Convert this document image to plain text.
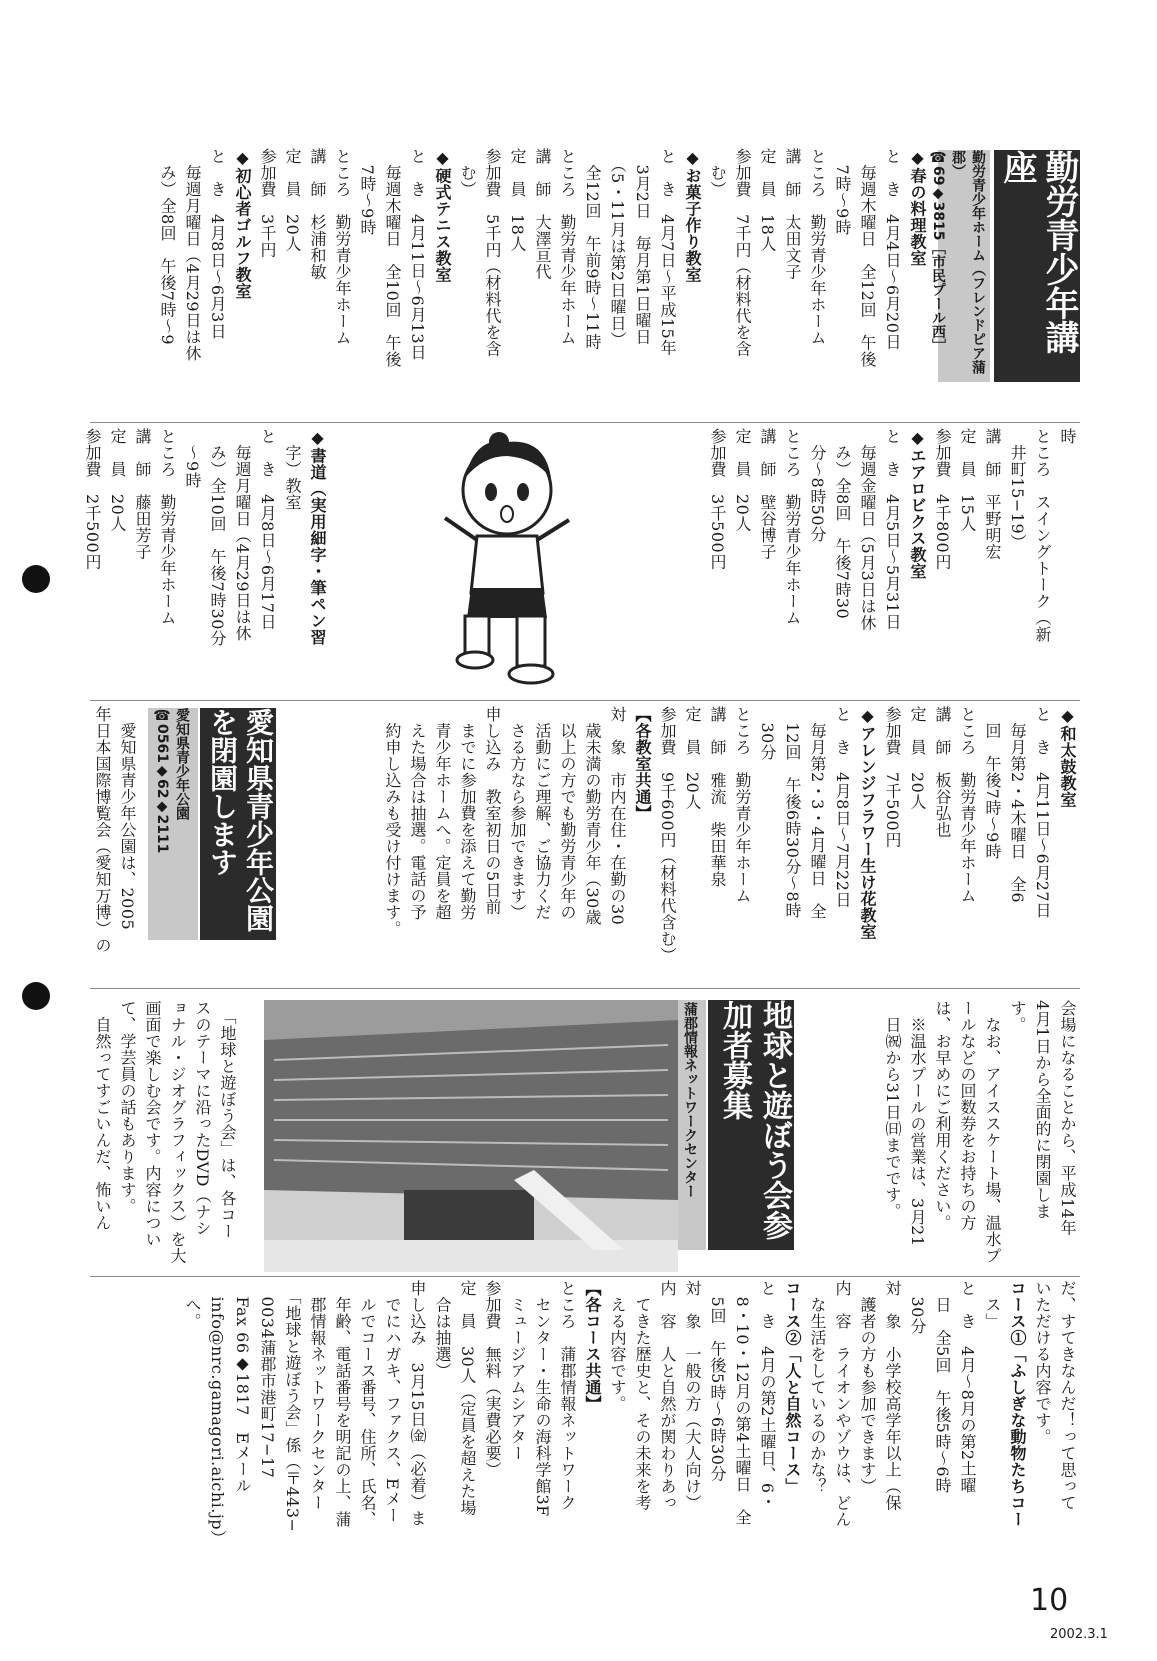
勤労青少年講座
勤労青少年ホーム（フレンドピア蒲郡）
☎69◆3815［市民プール西］
◆春の料理教室
と　き　4月4日〜6月20日
　毎週木曜日　全12回　午後
　7時〜9時
ところ　勤労青少年ホーム
講　師　太田文子
定　員　18人
参加費　7千円（材料代を含
　む）
◆お菓子作り教室
と　き　4月7日〜平成15年
　3月2日　毎月第1日曜日
　（5・11月は第2日曜日）
　全12回　午前9時〜11時
ところ　勤労青少年ホーム
講　師　大澤亘代
定　員　18人
参加費　5千円（材料代を含
　む）
◆硬式テニス教室
と　き　4月11日〜6月13日
　毎週木曜日　全10回　午後
　7時〜9時
ところ　勤労青少年ホーム
講　師　杉浦和敏
定　員　20人
参加費　3千円
◆初心者ゴルフ教室
と　き　4月8日〜6月3日
　毎週月曜日（4月29日は休
　み）全8回　午後7時〜9
時
ところ　スイングトーク（新
　井町15−19）
講　師　平野明宏
定　員　15人
参加費　4千800円
◆エアロビクス教室
と　き　4月5日〜5月31日
　毎週金曜日（5月3日は休
　み）全8回　午後7時30
　分〜8時50分
ところ　勤労青少年ホーム
講　師　壁谷博子
定　員　20人
参加費　3千500円
◆書道（実用細字・筆ペン習
　字）教室
と　き　4月8日〜6月17日
　毎週月曜日（4月29日は休
　み）全10回　午後7時30分
　〜9時
ところ　勤労青少年ホーム
講　師　藤田芳子
定　員　20人
参加費　2千500円
◆和太鼓教室
と　き　4月11日〜6月27日
　毎月第2・4木曜日　全6
　回　午後7時〜9時
ところ　勤労青少年ホーム
講　師　板谷弘也
定　員　20人
参加費　7千500円
◆アレンジフラワー生け花教室
と　き　4月8日〜7月22日
　毎月第2・3・4月曜日　全
　12回　午後6時30分〜8時
　30分
ところ　勤労青少年ホーム
講　師　雅流　柴田華泉
定　員　20人
参加費　9千600円（材料代含む）
【各教室共通】
対　象　市内在住・在勤の30
　歳未満の勤労青少年（30歳
　以上の方でも勤労青少年の
　活動にご理解、ご協力くだ
　さる方なら参加できます）
申し込み　教室初日の5日前
　までに参加費を添えて勤労
　青少年ホームへ。定員を超
　えた場合は抽選。電話の予
　約申し込みも受け付けます。
愛知県青少年公園を閉園します
愛知県青少年公園
☎0561◆62◆2111
　愛知県青少年公園は、2005
年日本国際博覧会（愛知万博）の
会場になることから、平成14年
4月1日から全面的に閉園しま
す。
　なお、アイススケート場、温水プ
ールなどの回数券をお持ちの方
は、お早めにご利用ください。
　※温水プールの営業は、3月21
　日㈷から31日㈰までです。
地球と遊ぼう会参加者募集
蒲郡情報ネットワークセンター

　「地球と遊ぼう会」は、各コー
スのテーマに沿ったDVD（ナシ
ョナル・ジオグラフィックス）を大
画面で楽しむ会です。内容につい
て、学芸員の話もあります。
　自然ってすごいんだ、怖いん
だ、すてきなんだ！って思って
いただける内容です。
コース①「ふしぎな動物たちコー
　ス」
と　き　4月〜8月の第2土曜
　日　全5回　午後5時〜6時
　30分
対　象　小学校高学年以上（保
　護者の方も参加できます）
内　容　ライオンやゾウは、どん
　な生活をしているのかな？
コース②「人と自然コース」
と　き　4月の第2土曜日、6・
　8・10・12月の第4土曜日　全
　5回　午後5時〜6時30分
対　象　一般の方（大人向け）
内　容　人と自然が関わりあっ
　てきた歴史と、その未来を考
　える内容です。
【各コース共通】
ところ　蒲郡情報ネットワーク
　センター・生命の海科学館3F
　ミュージアムシアター
参加費　無料（実費必要）
定　員　30人（定員を超えた場
　合は抽選）
申し込み　3月15日㈮（必着）ま
　でにハガキ、ファクス、Eメー
　ルでコース番号、住所、氏名、
　年齢、電話番号を明記の上、蒲
　郡情報ネットワークセンター
　「地球と遊ぼう会」係（〒443−
　0034蒲郡市港町17−17
　Fax 66◆1817　Eメール
　info@nrc.gamagori.aichi.jp）
　へ。
10
2002.3.1
